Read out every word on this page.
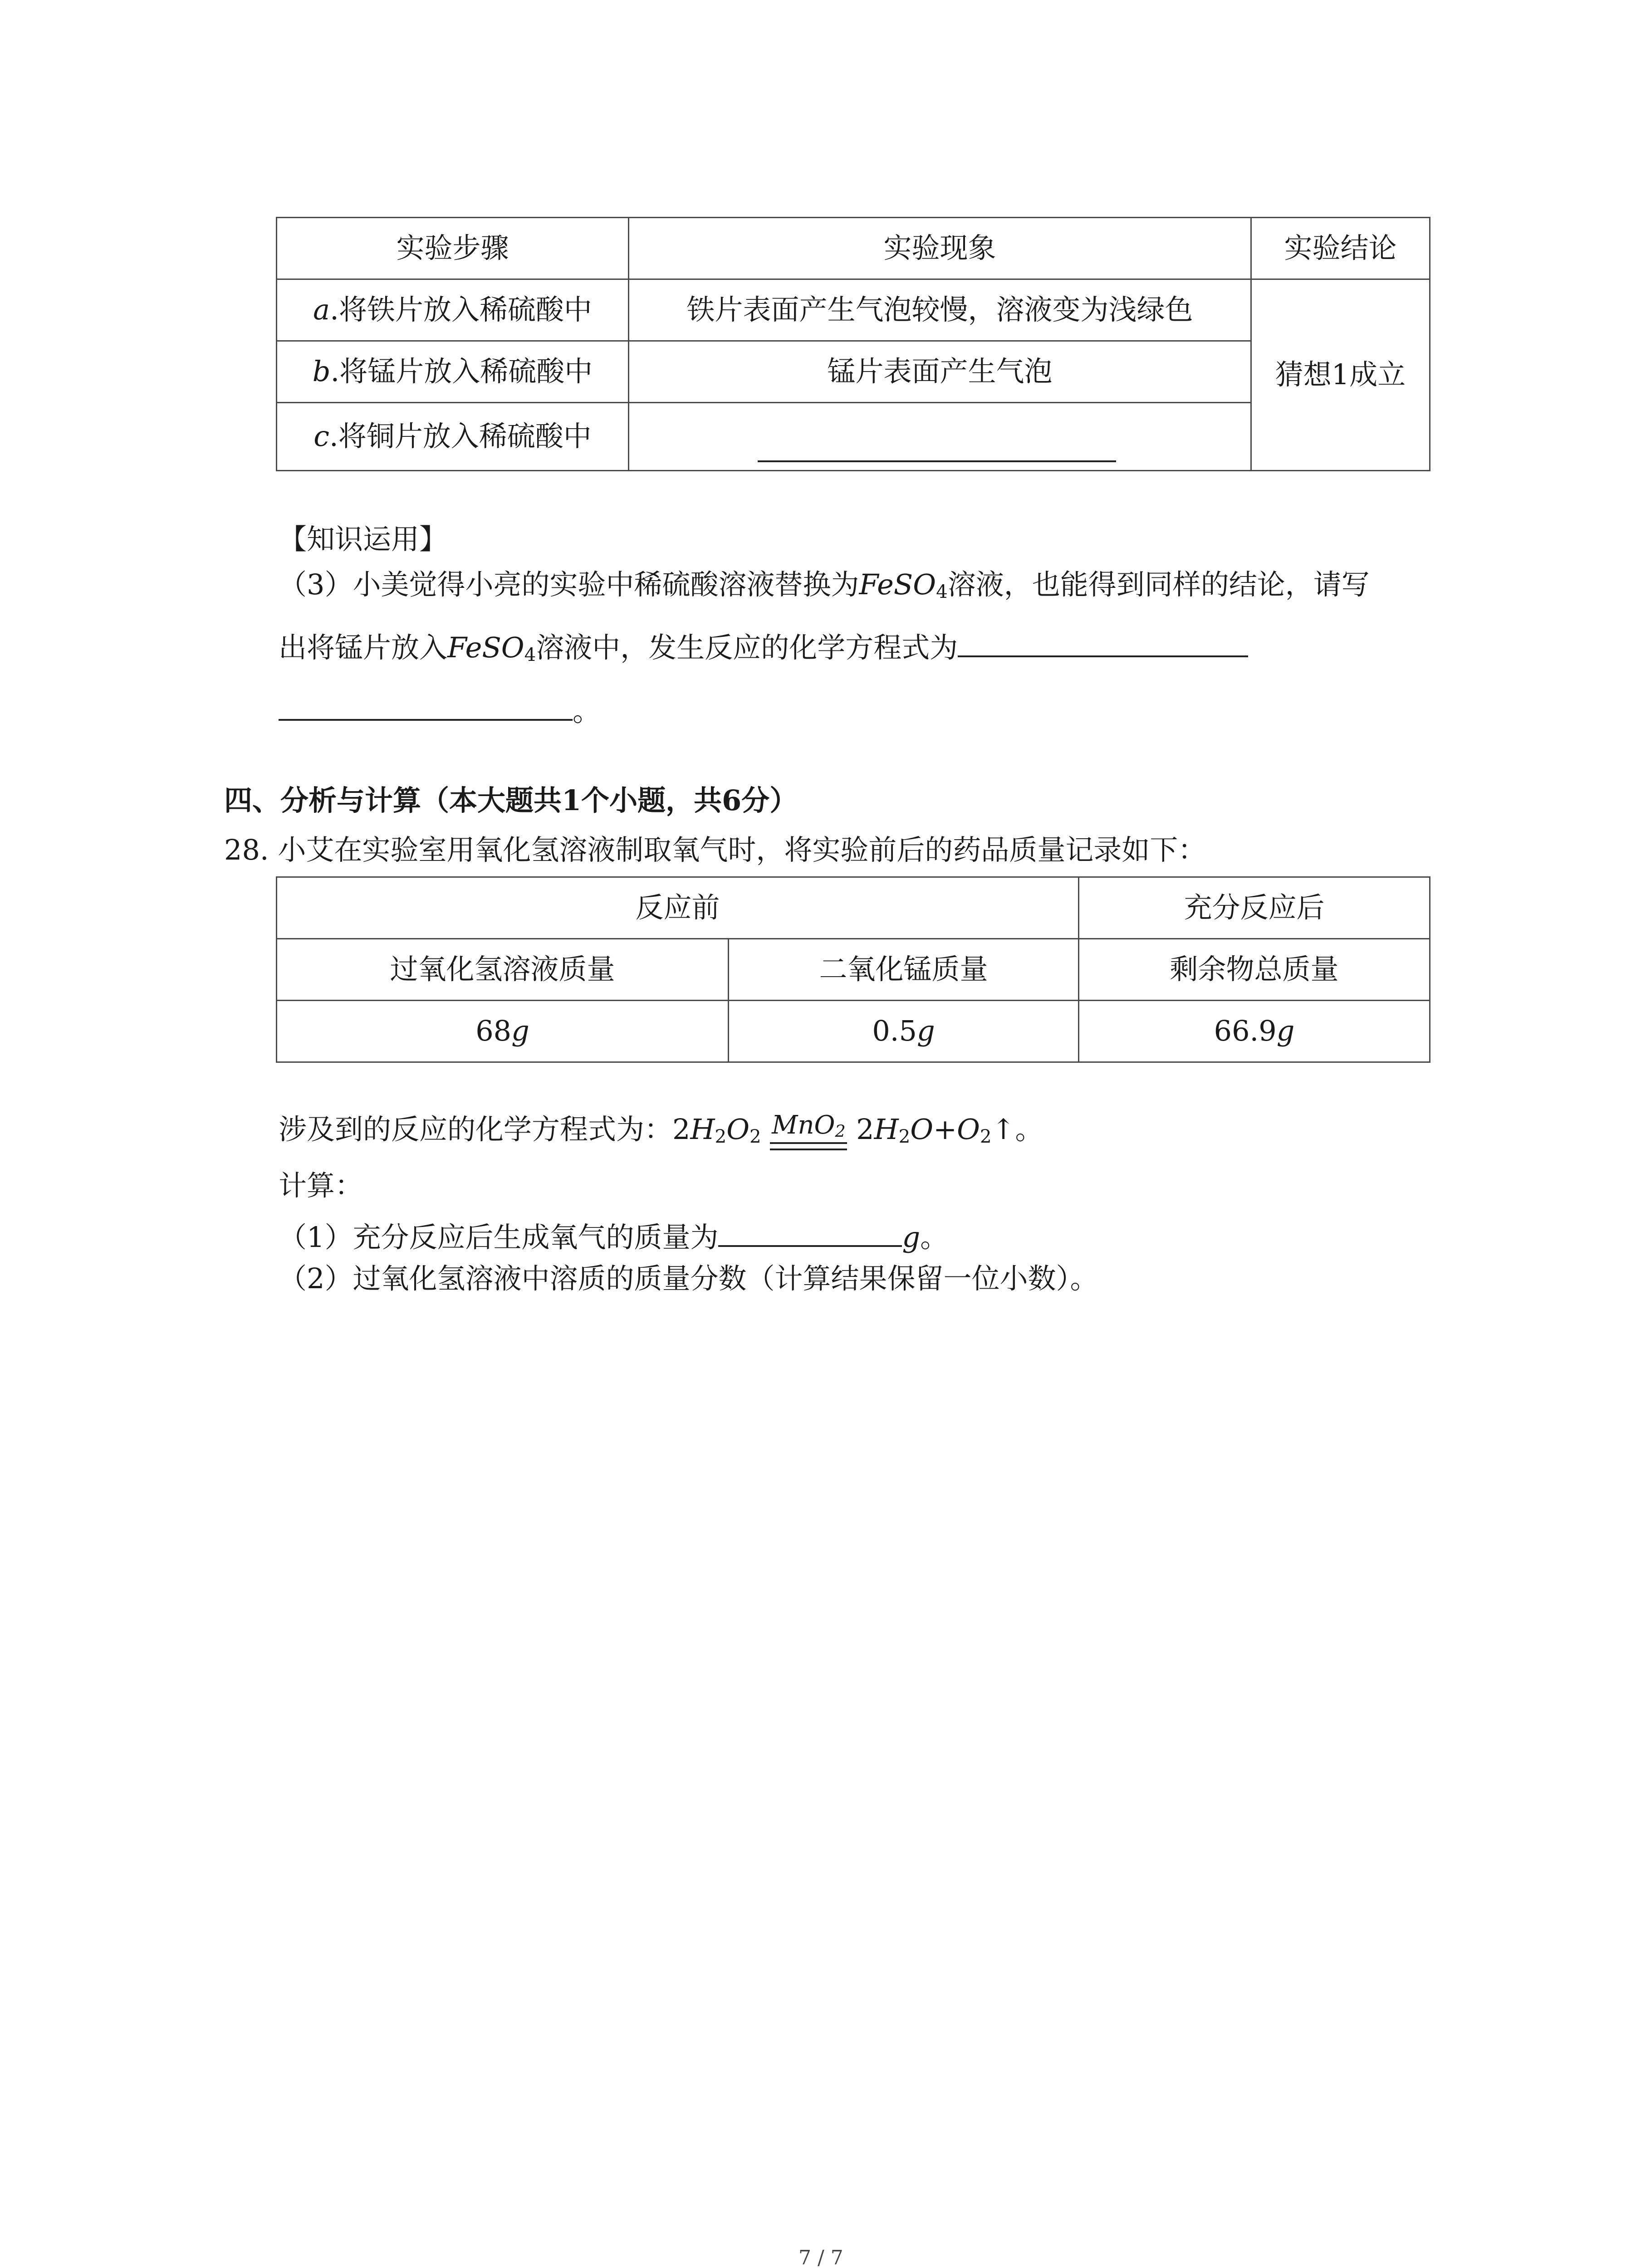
实验步骤	实验现象	实验结论
a.将铁片放入稀硫酸中	铁片表面产生气泡较慢，溶液变为浅绿色	猜想1成立
b.将锰片放入稀硫酸中	锰片表面产生气泡	
c.将铜片放入稀硫酸中		
【知识运用】
（3）小美觉得小亮的实验中稀硫酸溶液替换为FeSO$_4$溶液，也能得到同样的结论，请写
出将锰片放入FeSO$_4$溶液中，发生反应的化学方程式为
。
四、分析与计算（本大题共1个小题，共6分）
28. 小艾在实验室用氧化氢溶液制取氧气时，将实验前后的药品质量记录如下：
反应前		充分反应后
过氧化氢溶液质量	二氧化锰质量	剩余物总质量
68g	0.5g	66.9g
涉及到的反应的化学方程式为：$2H_2O_2$ MnO$_2$ $2H_2O+O_2↑$。
计算：
（1）充分反应后生成氧气的质量为	g。
（2）过氧化氢溶液中溶质的质量分数（计算结果保留一位小数）。
7 / 7
